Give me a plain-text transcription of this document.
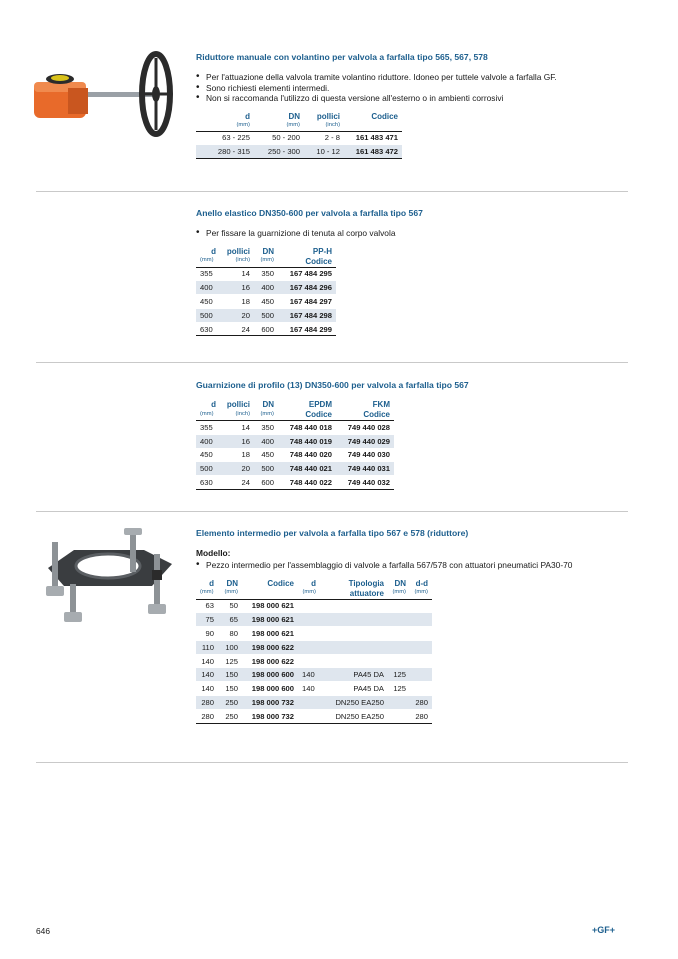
Riduttore manuale con volantino per valvola a farfalla tipo 565, 567, 578
• Per l'attuazione della valvola tramite volantino riduttore. Idoneo per tuttele valvole a farfalla GF.
• Sono richiesti elementi intermedi.
• Non si raccomanda l'utilizzo di questa versione all'esterno o in ambienti corrosivi
d	DN	pollici	Codice
(mm)	(mm)	(inch)	
63 - 225	50 - 200	2 - 8	161 483 471
280 - 315	250 - 300	10 - 12	161 483 472
Anello elastico DN350-600 per valvola a farfalla tipo 567
• Per fissare la guarnizione di tenuta al corpo valvola
d	pollici	DN	PP-H
(mm)	(inch)	(mm)	Codice
355	14	350	167 484 295
400	16	400	167 484 296
450	18	450	167 484 297
500	20	500	167 484 298
630	24	600	167 484 299
Guarnizione di profilo (13) DN350-600 per valvola a farfalla tipo 567
d	pollici	DN	EPDM	FKM
(mm)	(inch)	(mm)	Codice	Codice
355	14	350	748 440 018	749 440 028
400	16	400	748 440 019	749 440 029
450	18	450	748 440 020	749 440 030
500	20	500	748 440 021	749 440 031
630	24	600	748 440 022	749 440 032
Elemento intermedio per valvola a farfalla tipo 567 e 578 (riduttore)
Modello:
• Pezzo intermedio per l'assemblaggio di valvole a farfalla 567/578 con attuatori pneumatici PA30-70
d	DN	Codice	d	Tipologia	DN	d-d
(mm)	(mm)		(mm)	attuatore	(mm)	(mm)
63	50	198 000 621				
75	65	198 000 621				
90	80	198 000 621				
110	100	198 000 622				
140	125	198 000 622				
140	150	198 000 600	140	PA45 DA	125	
140	150	198 000 600	140	PA45 DA	125	
280	250	198 000 732		DN250 EA250		280
280	250	198 000 732		DN250 EA250		280
646	+GF+
